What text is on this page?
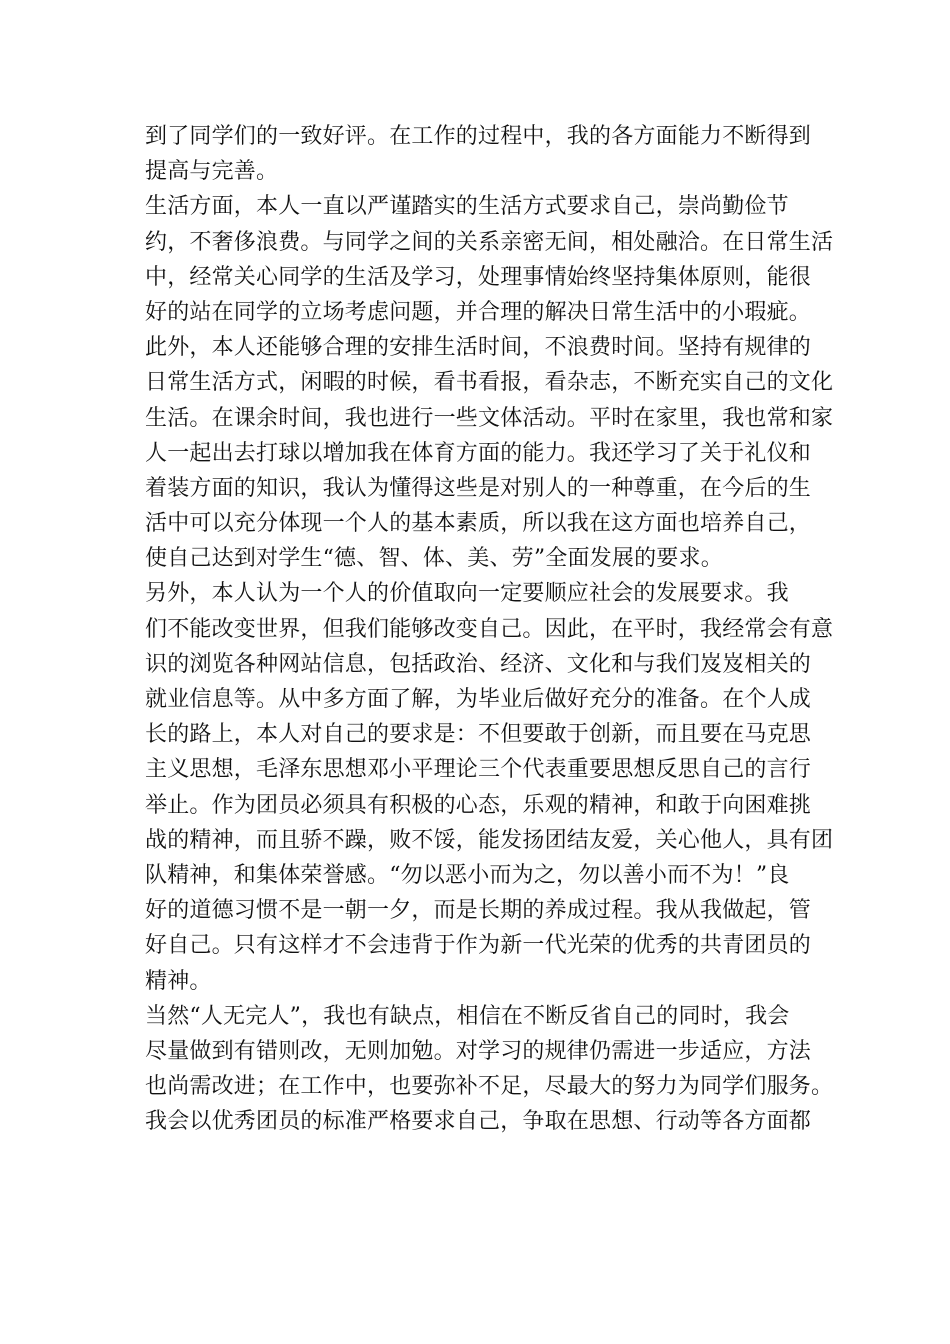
到了同学们的一致好评。在工作的过程中，我的各方面能力不断得到
提高与完善。
生活方面，本人一直以严谨踏实的生活方式要求自己，崇尚勤俭节
约，不奢侈浪费。与同学之间的关系亲密无间，相处融洽。在日常生活
中，经常关心同学的生活及学习，处理事情始终坚持集体原则，能很
好的站在同学的立场考虑问题，并合理的解决日常生活中的小瑕疵。
此外，本人还能够合理的安排生活时间，不浪费时间。坚持有规律的
日常生活方式，闲暇的时候，看书看报，看杂志，不断充实自己的文化
生活。在课余时间，我也进行一些文体活动。平时在家里，我也常和家
人一起出去打球以增加我在体育方面的能力。我还学习了关于礼仪和
着装方面的知识，我认为懂得这些是对别人的一种尊重，在今后的生
活中可以充分体现一个人的基本素质，所以我在这方面也培养自己，
使自己达到对学生“德、智、体、美、劳”全面发展的要求。
另外，本人认为一个人的价值取向一定要顺应社会的发展要求。我
们不能改变世界，但我们能够改变自己。因此，在平时，我经常会有意
识的浏览各种网站信息，包括政治、经济、文化和与我们岌岌相关的
就业信息等。从中多方面了解，为毕业后做好充分的准备。在个人成
长的路上，本人对自己的要求是：不但要敢于创新，而且要在马克思
主义思想，毛泽东思想邓小平理论三个代表重要思想反思自己的言行
举止。作为团员必须具有积极的心态，乐观的精神，和敢于向困难挑
战的精神，而且骄不躁，败不馁，能发扬团结友爱，关心他人，具有团
队精神，和集体荣誉感。“勿以恶小而为之，勿以善小而不为！”良
好的道德习惯不是一朝一夕，而是长期的养成过程。我从我做起，管
好自己。只有这样才不会违背于作为新一代光荣的优秀的共青团员的
精神。
当然“人无完人”，我也有缺点，相信在不断反省自己的同时，我会
尽量做到有错则改，无则加勉。对学习的规律仍需进一步适应，方法
也尚需改进；在工作中，也要弥补不足，尽最大的努力为同学们服务。
我会以优秀团员的标准严格要求自己，争取在思想、行动等各方面都
